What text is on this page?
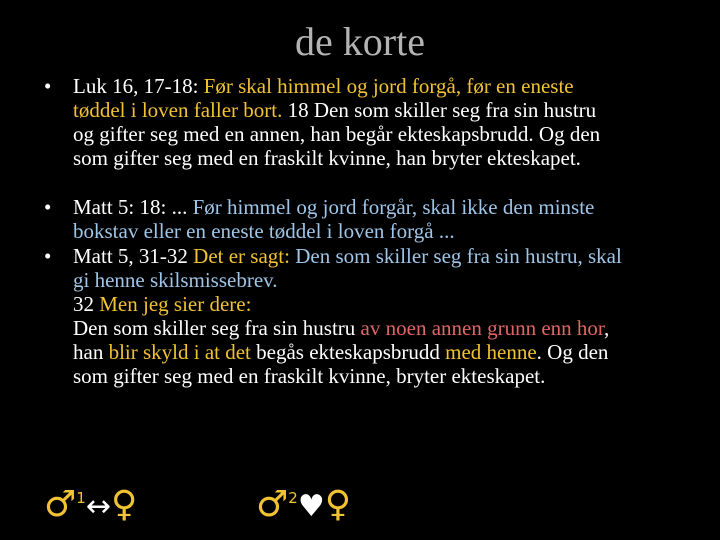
de korte
• Luk 16, 17-18: Før skal himmel og jord forgå, før en eneste
tøddel i loven faller bort. 18 Den som skiller seg fra sin hustru
og gifter seg med en annen, han begår ekteskapsbrudd. Og den
som gifter seg med en fraskilt kvinne, han bryter ekteskapet.
• Matt 5: 18: ... Før himmel og jord forgår, skal ikke den minste
bokstav eller en eneste tøddel i loven forgå ...
• Matt 5, 31-32 Det er sagt: Den som skiller seg fra sin hustru, skal
gi henne skilsmissebrev.
32 Men jeg sier dere:
Den som skiller seg fra sin hustru av noen annen grunn enn hor,
han blir skyld i at det begås ekteskapsbrudd med henne. Og den
som gifter seg med en fraskilt kvinne, bryter ekteskapet.
♂$^1$↔♀	♂$^2$♥♀
